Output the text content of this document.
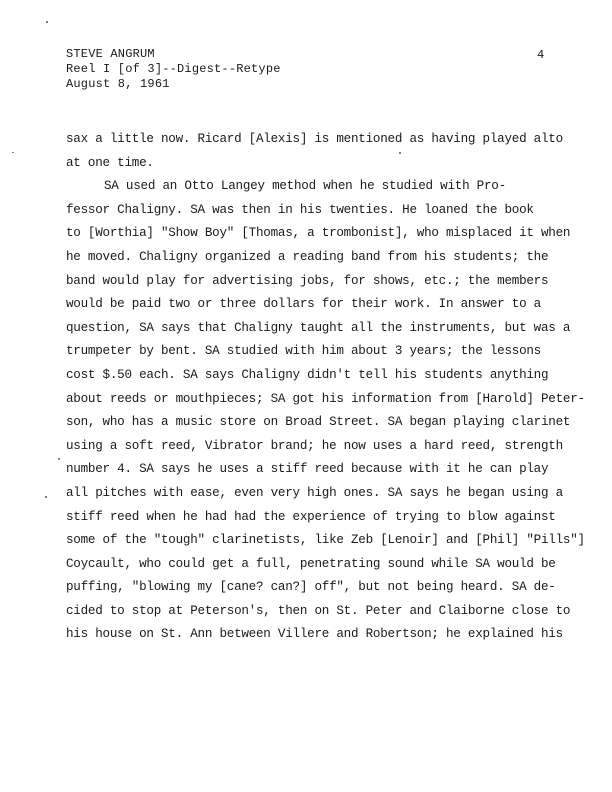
STEVE ANGRUM
Reel I [of 3]--Digest--Retype
August 8, 1961
4
sax a little now. Ricard [Alexis] is mentioned as having played alto
at one time.
SA used an Otto Langey method when he studied with Pro-
fessor Chaligny. SA was then in his twenties. He loaned the book
to [Worthia] "Show Boy" [Thomas, a trombonist], who misplaced it when
he moved. Chaligny organized a reading band from his students; the
band would play for advertising jobs, for shows, etc.; the members
would be paid two or three dollars for their work. In answer to a
question, SA says that Chaligny taught all the instruments, but was a
trumpeter by bent. SA studied with him about 3 years; the lessons
cost $.50 each. SA says Chaligny didn't tell his students anything
about reeds or mouthpieces; SA got his information from [Harold] Peter-
son, who has a music store on Broad Street. SA began playing clarinet
using a soft reed, Vibrator brand; he now uses a hard reed, strength
number 4. SA says he uses a stiff reed because with it he can play
all pitches with ease, even very high ones. SA says he began using a
stiff reed when he had had the experience of trying to blow against
some of the "tough" clarinetists, like Zeb [Lenoir] and [Phil] "Pills"]
Coycault, who could get a full, penetrating sound while SA would be
puffing, "blowing my [cane? can?] off", but not being heard. SA de-
cided to stop at Peterson's, then on St. Peter and Claiborne close to
his house on St. Ann between Villere and Robertson; he explained his
